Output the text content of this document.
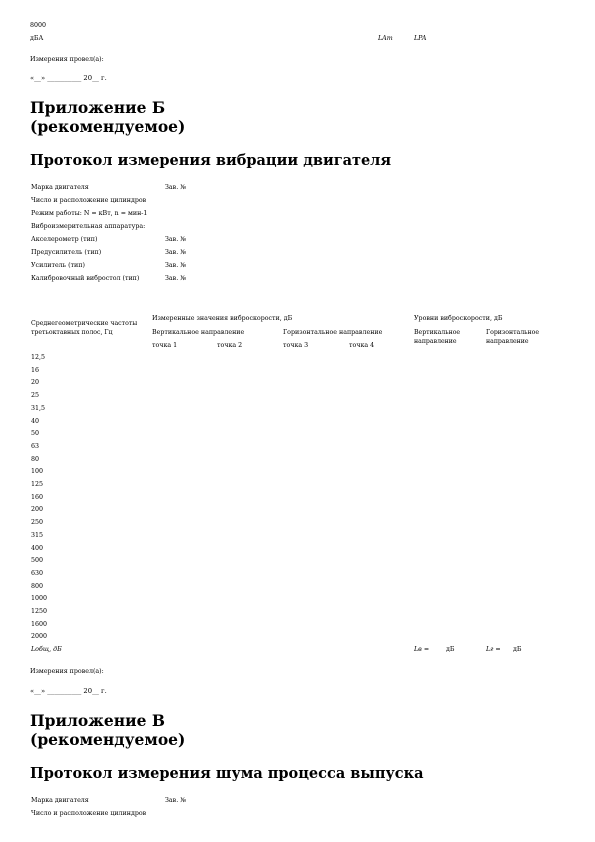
8000
дБА	LAm	LPA
Измерения провел(а):
«__» __________ 20__ г.
Приложение Б
(рекомендуемое)
Протокол измерения вибрации двигателя
Марка двигателя	Зав. №
Число и расположение цилиндров
Режим работы: N = кВт, n = мин-1
Виброизмерительная аппаратура:
Акселерометр (тип)	Зав. №
Предусилитель (тип)	Зав. №
Усилитель (тип)	Зав. №
Калибровочный вибростол (тип)	Зав. №
Среднегеометрические частоты третьоктавных полос, Гц
Измеренные значения виброскорости, дБ
Вертикальное направление	Горизонтальное направление
точка 1	точка 2	точка 3	точка 4
Уровни виброскорости, дБ
Вертикальное направление
Горизонтальное направление
12,5
16
20
25
31,5
40
50
63
80
100
125
160
200
250
315
400
500
630
800
1000
1250
1600
2000
Lобщ, дБ	Lв =	дБ	Lг = дБ
Измерения провел(а):
«__» __________ 20__ г.
Приложение В
(рекомендуемое)
Протокол измерения шума процесса выпуска
Марка двигателя	Зав. №
Число и расположение цилиндров
